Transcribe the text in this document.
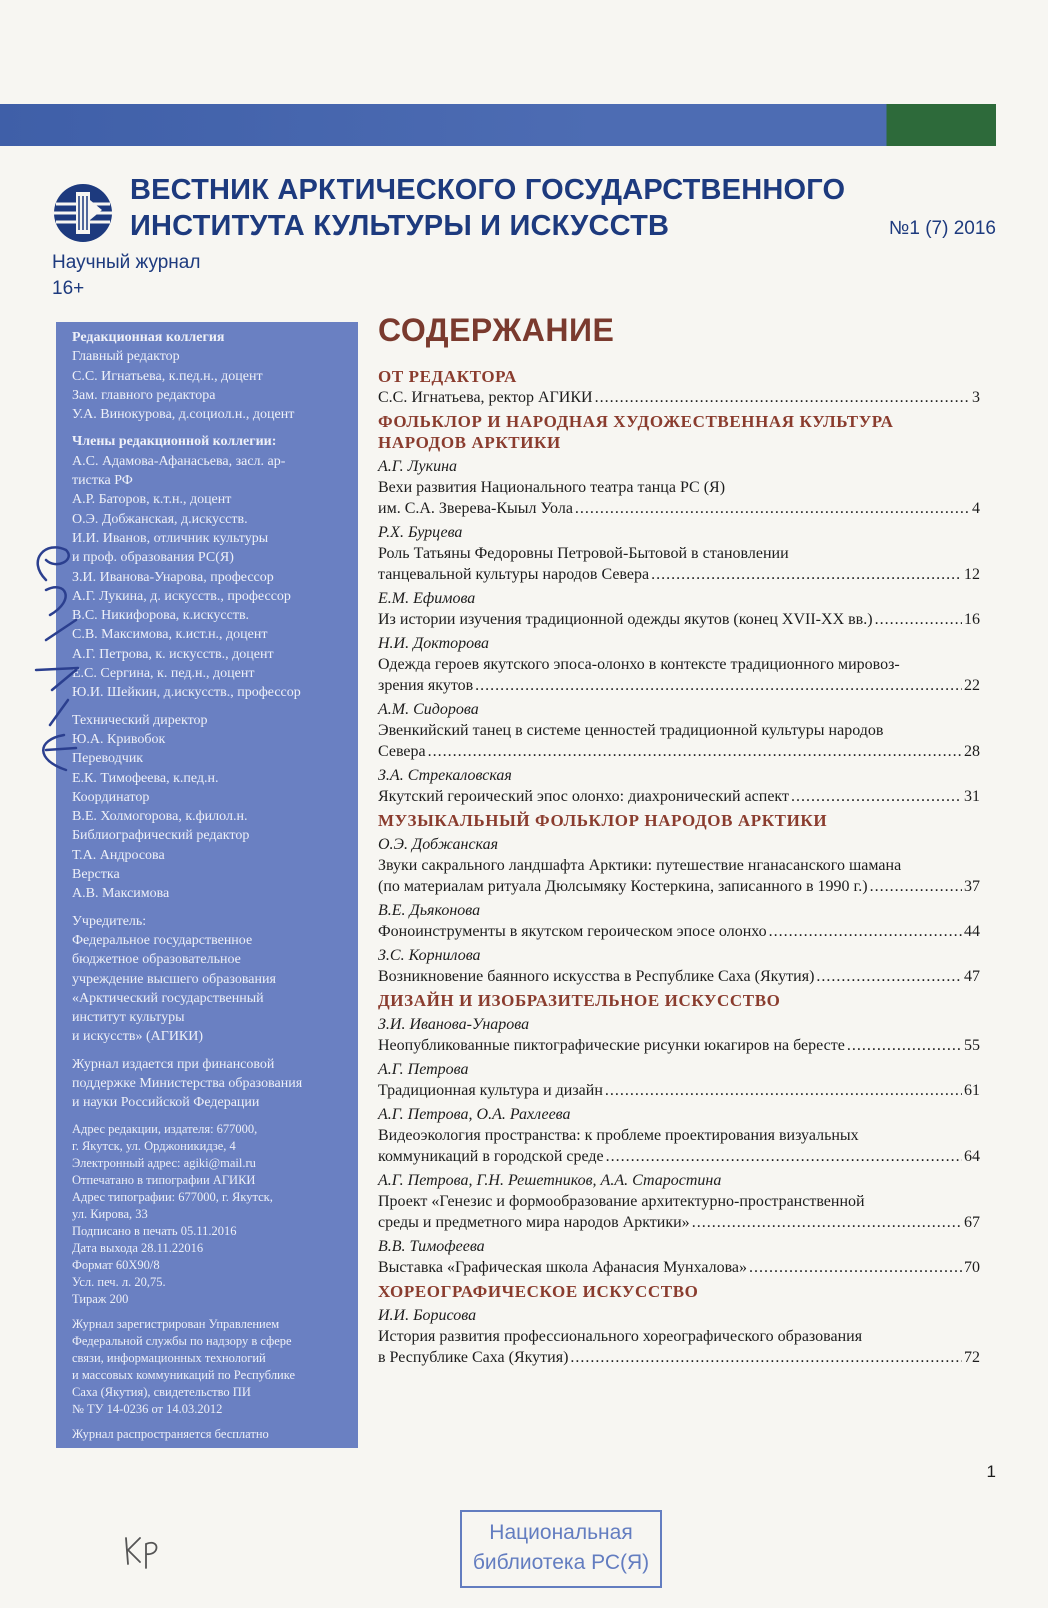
ВЕСТНИК АРКТИЧЕСКОГО ГОСУДАРСТВЕННОГО
ИНСТИТУТА КУЛЬТУРЫ И ИСКУССТВ	№1 (7) 2016
Научный журнал
16+
Редакционная коллегия
Главный редактор
С.С. Игнатьева, к.пед.н., доцент
Зам. главного редактора
У.А. Винокурова, д.социол.н., доцент
Члены редакционной коллегии:
А.С. Адамова-Афанасьева, засл. ар-
тистка РФ
А.Р. Баторов, к.т.н., доцент
О.Э. Добжанская, д.искусств.
И.И. Иванов, отличник культуры
и проф. образования РС(Я)
З.И. Иванова-Унарова, профессор
А.Г. Лукина, д. искусств., профессор
В.С. Никифорова, к.искусств.
С.В. Максимова, к.ист.н., доцент
А.Г. Петрова, к. искусств., доцент
Е.С. Сергина, к. пед.н., доцент
Ю.И. Шейкин, д.искусств., профессор
Технический директор
Ю.А. Кривобок
Переводчик
Е.К. Тимофеева, к.пед.н.
Координатор
В.Е. Холмогорова, к.филол.н.
Библиографический редактор
Т.А. Андросова
Верстка
А.В. Максимова
Учредитель:
Федеральное государственное
бюджетное образовательное
учреждение высшего образования
«Арктический государственный
институт культуры
и искусств» (АГИКИ)
Журнал издается при финансовой
поддержке Министерства образования
и науки Российской Федерации
Адрес редакции, издателя: 677000,
г. Якутск, ул. Орджоникидзе, 4
Электронный адрес: agiki@mail.ru
Отпечатано в типографии АГИКИ
Адрес типографии: 677000, г. Якутск,
ул. Кирова, 33
Подписано в печать 05.11.2016
Дата выхода 28.11.22016
Формат 60Х90/8
Усл. печ. л. 20,75.
Тираж 200
Журнал зарегистрирован Управлением
Федеральной службы по надзору в сфере
связи, информационных технологий
и массовых коммуникаций по Республике
Саха (Якутия), свидетельство ПИ
№ ТУ 14-0236 от 14.03.2012
Журнал распространяется бесплатно
СОДЕРЖАНИЕ
ОТ РЕДАКТОРА
С.С. Игнатьева, ректор АГИКИ .....	3
ФОЛЬКЛОР И НАРОДНАЯ ХУДОЖЕСТВЕННАЯ КУЛЬТУРА НАРОДОВ АРКТИКИ
А.Г. Лукина
Вехи развития Национального театра танца РС (Я)
им. С.А. Зверева-Кыыл Уола .....	4
Р.Х. Бурцева
Роль Татьяны Федоровны Петровой-Бытовой в становлении
танцевальной культуры народов Севера .....	12
Е.М. Ефимова
Из истории изучения традиционной одежды якутов (конец XVII-XX вв.) .....	16
Н.И. Докторова
Одежда героев якутского эпоса-олонхо в контексте традиционного мировоз-
зрения якутов .....	22
А.М. Сидорова
Эвенкийский танец в системе ценностей традиционной культуры народов
Севера .....	28
З.А. Стрекаловская
Якутский героический эпос олонхо: диахронический аспект .....	31
МУЗЫКАЛЬНЫЙ ФОЛЬКЛОР НАРОДОВ АРКТИКИ
О.Э. Добжанская
Звуки сакрального ландшафта Арктики: путешествие нганасанского шамана
(по материалам ритуала Дюлсымяку Костеркина, записанного в 1990 г.) .....	37
В.Е. Дьяконова
Фоноинструменты в якутском героическом эпосе олонхо .....	44
З.С. Корнилова
Возникновение баянного искусства в Республике Саха (Якутия) .....	47
ДИЗАЙН И ИЗОБРАЗИТЕЛЬНОЕ ИСКУССТВО
З.И. Иванова-Унарова
Неопубликованные пиктографические рисунки юкагиров на бересте .....	55
А.Г. Петрова
Традиционная культура и дизайн .....	61
А.Г. Петрова, О.А. Рахлеева
Видеоэкология пространства: к проблеме проектирования визуальных
коммуникаций в городской среде .....	64
А.Г. Петрова, Г.Н. Решетников, А.А. Старостина
Проект «Генезис и формообразование архитектурно-пространственной
среды и предметного мира народов Арктики» .....	67
В.В. Тимофеева
Выставка «Графическая школа Афанасия Мунхалова» .....	70
ХОРЕОГРАФИЧЕСКОЕ ИСКУССТВО
И.И. Борисова
История развития профессионального хореографического образования
в Республике Саха (Якутия) .....	72
1
Национальная
библиотека РС(Я)
